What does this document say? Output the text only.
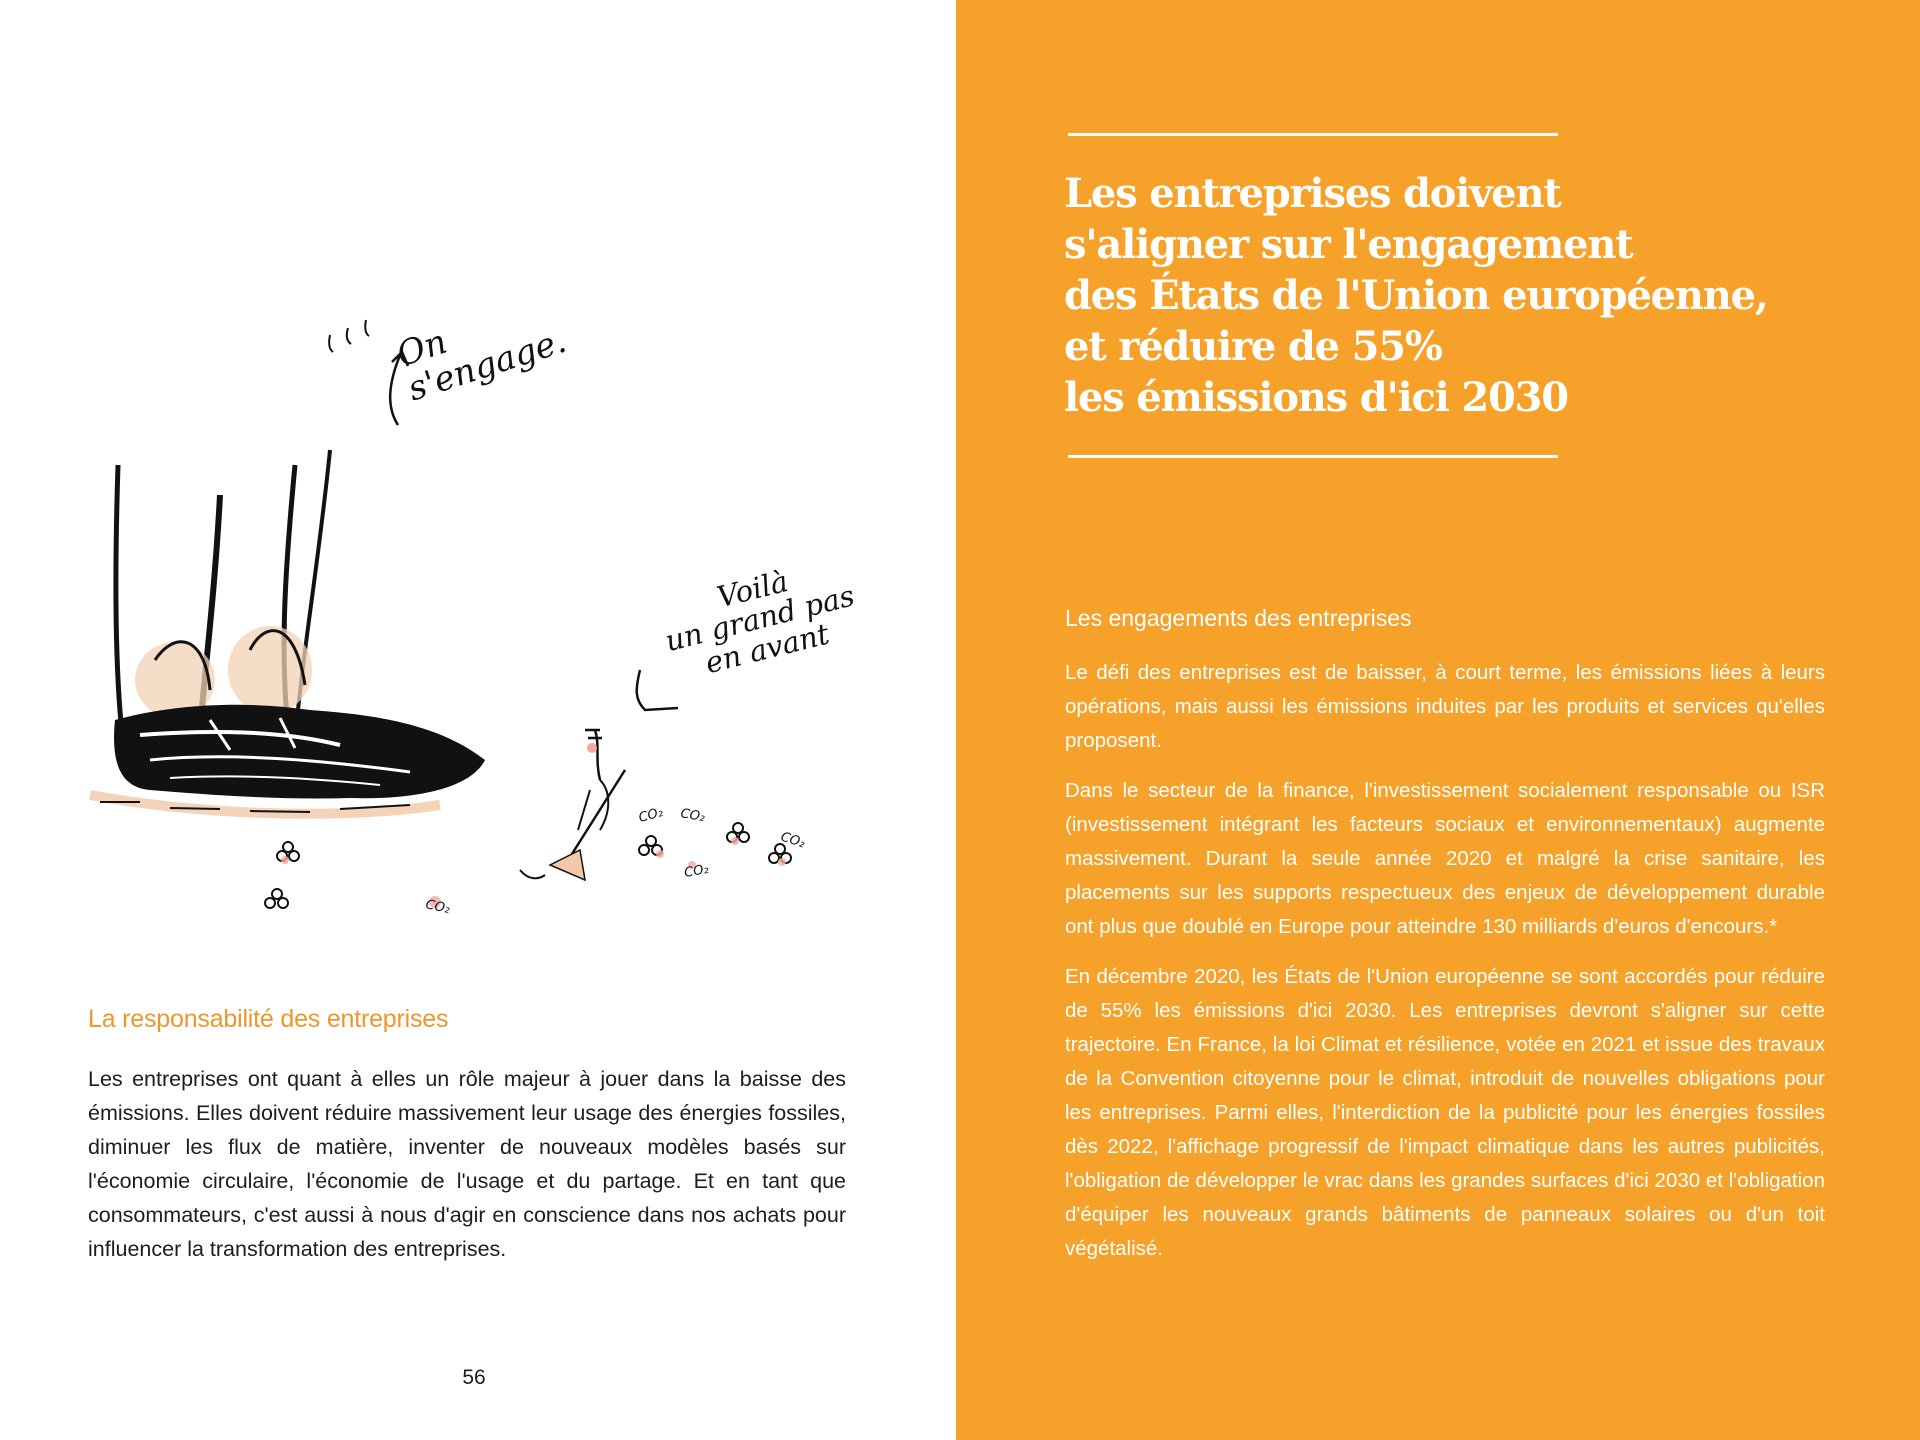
CO₂
CO₂
CO₂
CO₂
CO₂
On
s'engage.
Voilà
un grand pas
en avant
La responsabilité des entreprises

Les entreprises ont quant à elles un rôle majeur à jouer dans la baisse des émissions. Elles doivent réduire massivement leur usage des énergies fossiles, diminuer les flux de matière, inventer de nouveaux modèles basés sur l'économie circulaire, l'économie de l'usage et du partage. Et en tant que consommateurs, c'est aussi à nous d'agir en conscience dans nos achats pour influencer la transformation des entreprises.

56
Les entreprises doivent
s'aligner sur l'engagement
des États de l'Union européenne,
et réduire de 55%
les émissions d'ici 2030
Les engagements des entreprises

Le défi des entreprises est de baisser, à court terme, les émissions liées à leurs opérations, mais aussi les émissions induites par les produits et services qu'elles proposent.

Dans le secteur de la finance, l'investissement socialement responsable ou ISR (investissement intégrant les facteurs sociaux et environnementaux) augmente massivement. Durant la seule année 2020 et malgré la crise sanitaire, les placements sur les supports respectueux des enjeux de développement durable ont plus que doublé en Europe pour atteindre 130 milliards d'euros d'encours.*

En décembre 2020, les États de l'Union européenne se sont accordés pour réduire de 55% les émissions d'ici 2030. Les entreprises devront s'aligner sur cette trajectoire. En France, la loi Climat et résilience, votée en 2021 et issue des travaux de la Convention citoyenne pour le climat, introduit de nouvelles obligations pour les entreprises. Parmi elles, l'interdiction de la publicité pour les énergies fossiles dès 2022, l'affichage progressif de l'impact climatique dans les autres publicités, l'obligation de développer le vrac dans les grandes surfaces d'ici 2030 et l'obligation d'équiper les nouveaux grands bâtiments de panneaux solaires ou d'un toit végétalisé.
